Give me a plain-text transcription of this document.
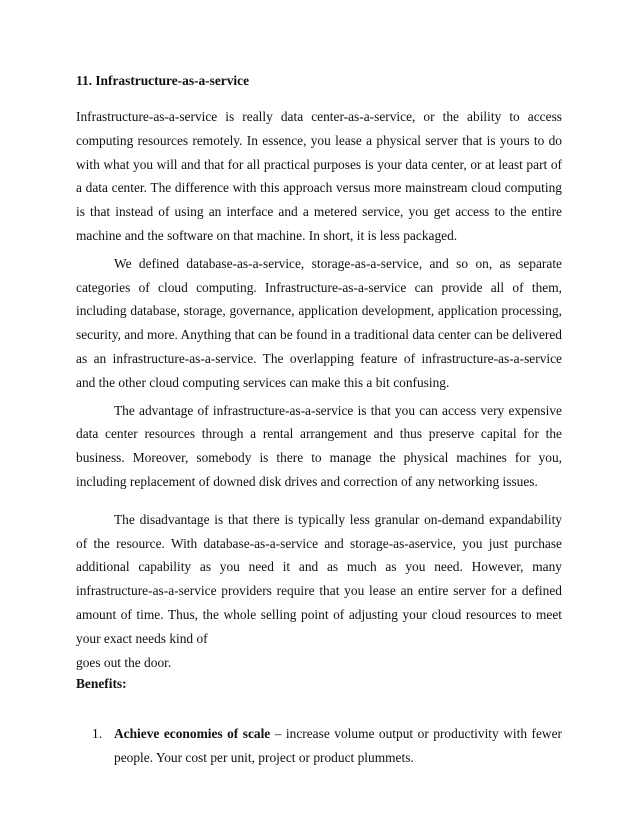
11. Infrastructure-as-a-service

Infrastructure-as-a-service is really data center-as-a-service, or the ability to access computing resources remotely. In essence, you lease a physical server that is yours to do with what you will and that for all practical purposes is your data center, or at least part of a data center. The difference with this approach versus more mainstream cloud computing is that instead of using an interface and a metered service, you get access to the entire machine and the software on that machine. In short, it is less packaged.

We defined database-as-a-service, storage-as-a-service, and so on, as separate categories of cloud computing. Infrastructure-as-a-service can provide all of them, including database, storage, governance, application development, application processing, security, and more. Anything that can be found in a traditional data center can be delivered as an infrastructure-as-a-service. The overlapping feature of infrastructure-as-a-service and the other cloud computing services can make this a bit confusing.

The advantage of infrastructure-as-a-service is that you can access very expensive data center resources through a rental arrangement and thus preserve capital for the business. Moreover, somebody is there to manage the physical machines for you, including replacement of downed disk drives and correction of any networking issues.

The disadvantage is that there is typically less granular on-demand expandability of the resource. With database-as-a-service and storage-as-aservice, you just purchase additional capability as you need it and as much as you need. However, many infrastructure-as-a-service providers require that you lease an entire server for a defined amount of time. Thus, the whole selling point of adjusting your cloud resources to meet your exact needs kind of

goes out the door.
Benefits:
1. Achieve economies of scale – increase volume output or productivity with fewer people. Your cost per unit, project or product plummets.
